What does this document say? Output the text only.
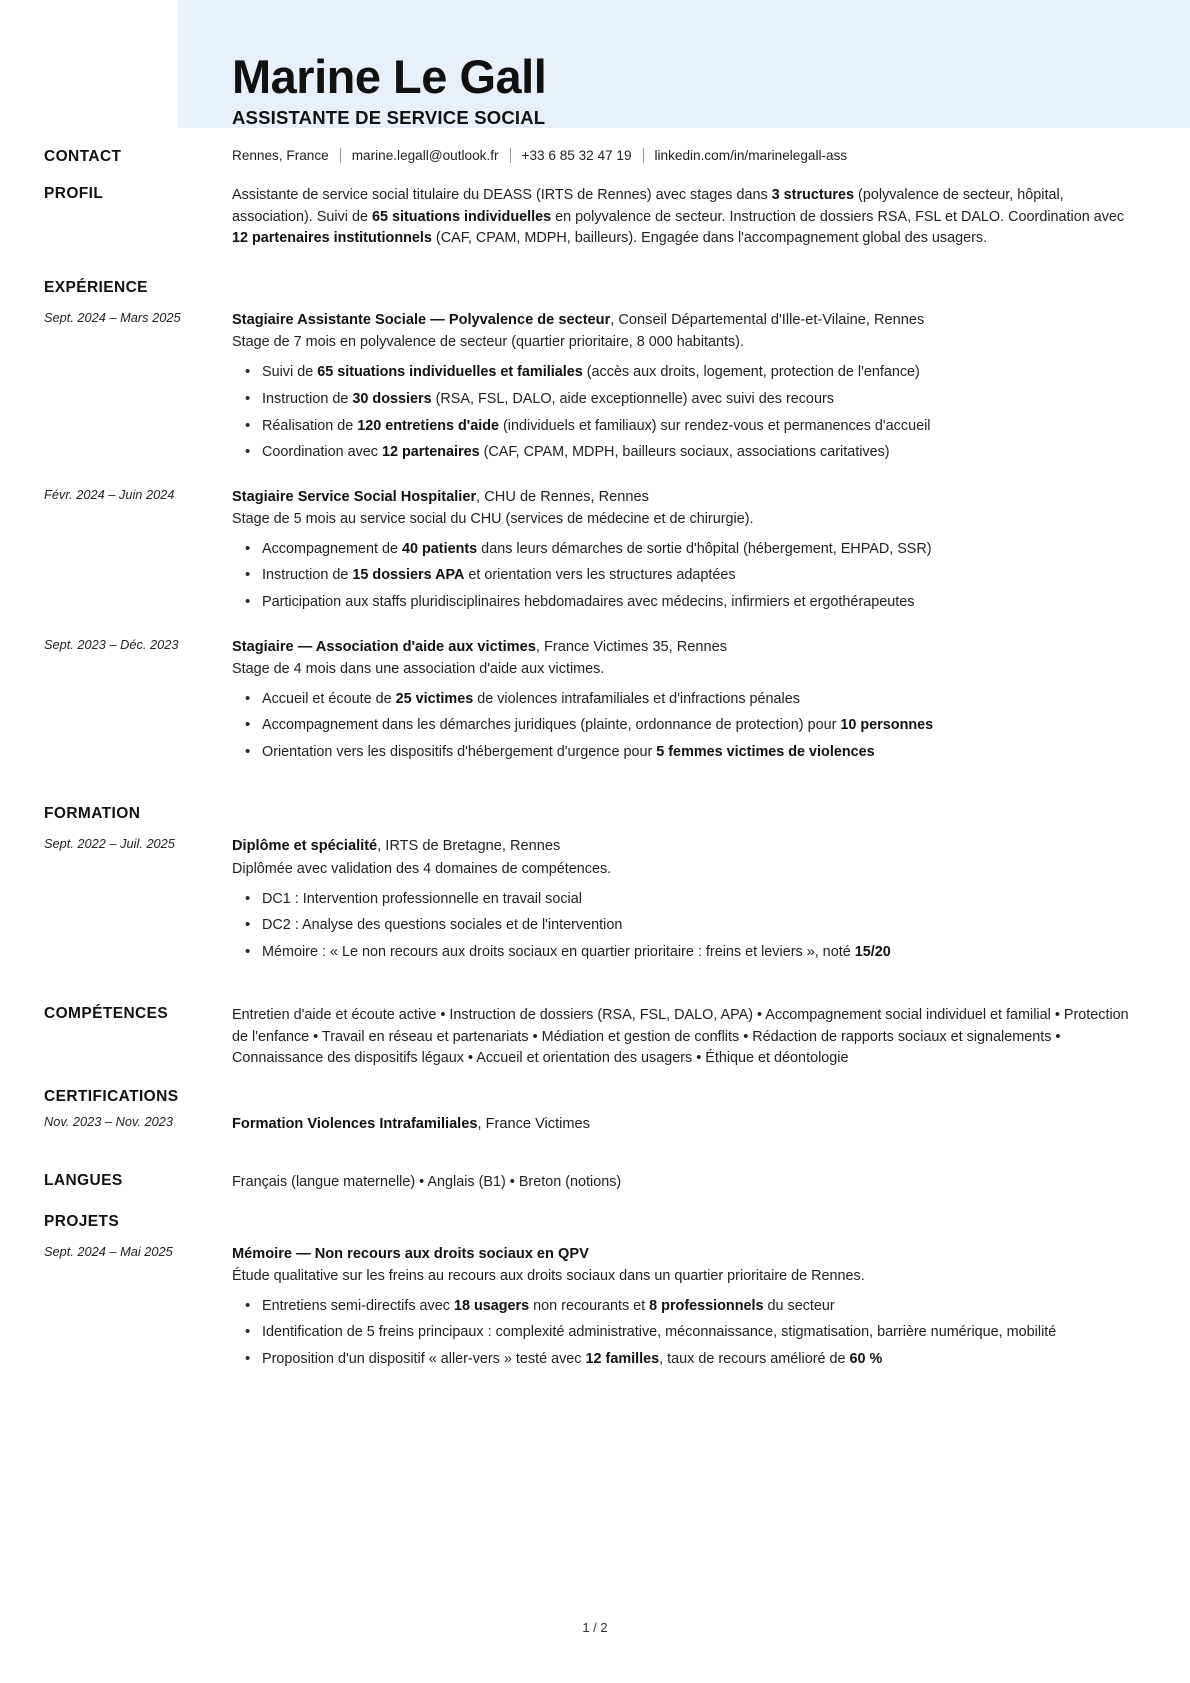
Marine Le Gall
ASSISTANTE DE SERVICE SOCIAL
CONTACT	Rennes, France marine.legall@outlook.fr +33 6 85 32 47 19 linkedin.com/in/marinelegall-ass
PROFIL	Assistante de service social titulaire du DEASS (IRTS de Rennes) avec stages dans 3 structures (polyvalence de secteur, hôpital, association). Suivi de 65 situations individuelles en polyvalence de secteur. Instruction de dossiers RSA, FSL et DALO. Coordination avec 12 partenaires institutionnels (CAF, CPAM, MDPH, bailleurs). Engagée dans l'accompagnement global des usagers.

EXPÉRIENCE
Sept. 2024 – Mars 2025	Stagiaire Assistante Sociale — Polyvalence de secteur, Conseil Départemental d'Ille-et-Vilaine, Rennes
Stage de 7 mois en polyvalence de secteur (quartier prioritaire, 8 000 habitants).
• Suivi de 65 situations individuelles et familiales (accès aux droits, logement, protection de l'enfance)
• Instruction de 30 dossiers (RSA, FSL, DALO, aide exceptionnelle) avec suivi des recours
• Réalisation de 120 entretiens d'aide (individuels et familiaux) sur rendez-vous et permanences d'accueil
• Coordination avec 12 partenaires (CAF, CPAM, MDPH, bailleurs sociaux, associations caritatives)
Févr. 2024 – Juin 2024	Stagiaire Service Social Hospitalier, CHU de Rennes, Rennes
Stage de 5 mois au service social du CHU (services de médecine et de chirurgie).
• Accompagnement de 40 patients dans leurs démarches de sortie d'hôpital (hébergement, EHPAD, SSR)
• Instruction de 15 dossiers APA et orientation vers les structures adaptées
• Participation aux staffs pluridisciplinaires hebdomadaires avec médecins, infirmiers et ergothérapeutes
Sept. 2023 – Déc. 2023	Stagiaire — Association d'aide aux victimes, France Victimes 35, Rennes
Stage de 4 mois dans une association d'aide aux victimes.
• Accueil et écoute de 25 victimes de violences intrafamiliales et d'infractions pénales
• Accompagnement dans les démarches juridiques (plainte, ordonnance de protection) pour 10 personnes
• Orientation vers les dispositifs d'hébergement d'urgence pour 5 femmes victimes de violences
FORMATION
Sept. 2022 – Juil. 2025	Diplôme et spécialité, IRTS de Bretagne, Rennes
Diplômée avec validation des 4 domaines de compétences.
• DC1 : Intervention professionnelle en travail social
• DC2 : Analyse des questions sociales et de l'intervention
• Mémoire : « Le non recours aux droits sociaux en quartier prioritaire : freins et leviers », noté 15/20
COMPÉTENCES	Entretien d'aide et écoute active • Instruction de dossiers (RSA, FSL, DALO, APA) • Accompagnement social individuel et familial • Protection de l'enfance • Travail en réseau et partenariats • Médiation et gestion de conflits • Rédaction de rapports sociaux et signalements • Connaissance des dispositifs légaux • Accueil et orientation des usagers • Éthique et déontologie

CERTIFICATIONS
Nov. 2023 – Nov. 2023	Formation Violences Intrafamiliales, France Victimes
LANGUES	Français (langue maternelle) • Anglais (B1) • Breton (notions)

PROJETS
Sept. 2024 – Mai 2025	Mémoire — Non recours aux droits sociaux en QPV
Étude qualitative sur les freins au recours aux droits sociaux dans un quartier prioritaire de Rennes.
• Entretiens semi-directifs avec 18 usagers non recourants et 8 professionnels du secteur
• Identification de 5 freins principaux : complexité administrative, méconnaissance, stigmatisation, barrière numérique, mobilité
• Proposition d'un dispositif « aller-vers » testé avec 12 familles, taux de recours amélioré de 60 %
1 / 2
